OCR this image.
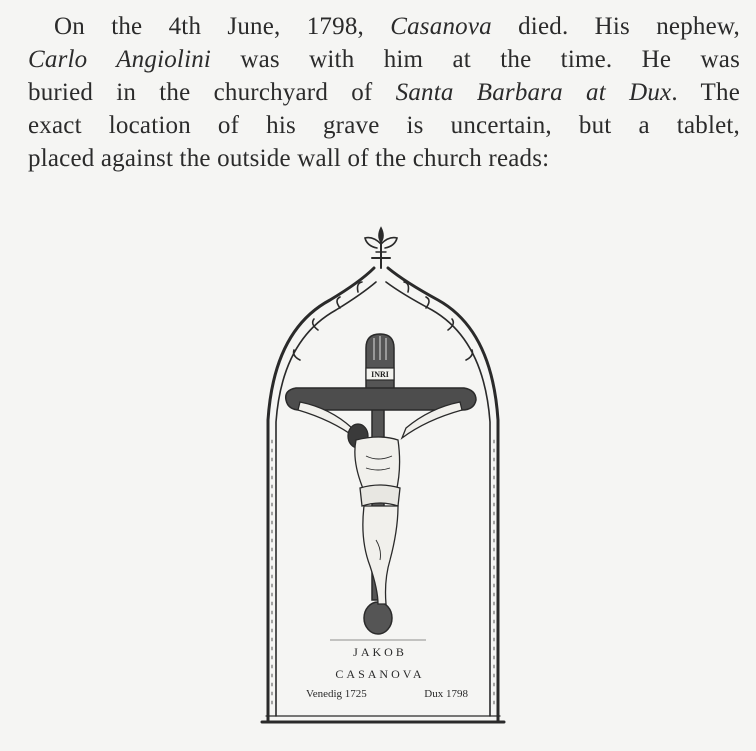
On the 4th June, 1798, Casanova died. His nephew,
Carlo Angiolini was with him at the time. He was
buried in the churchyard of Santa Barbara at Dux. The
exact location of his grave is uncertain, but a tablet,
placed against the outside wall of the church reads:
INRI
JAKOB
CASANOVA
Venedig 1725	Dux 1798
